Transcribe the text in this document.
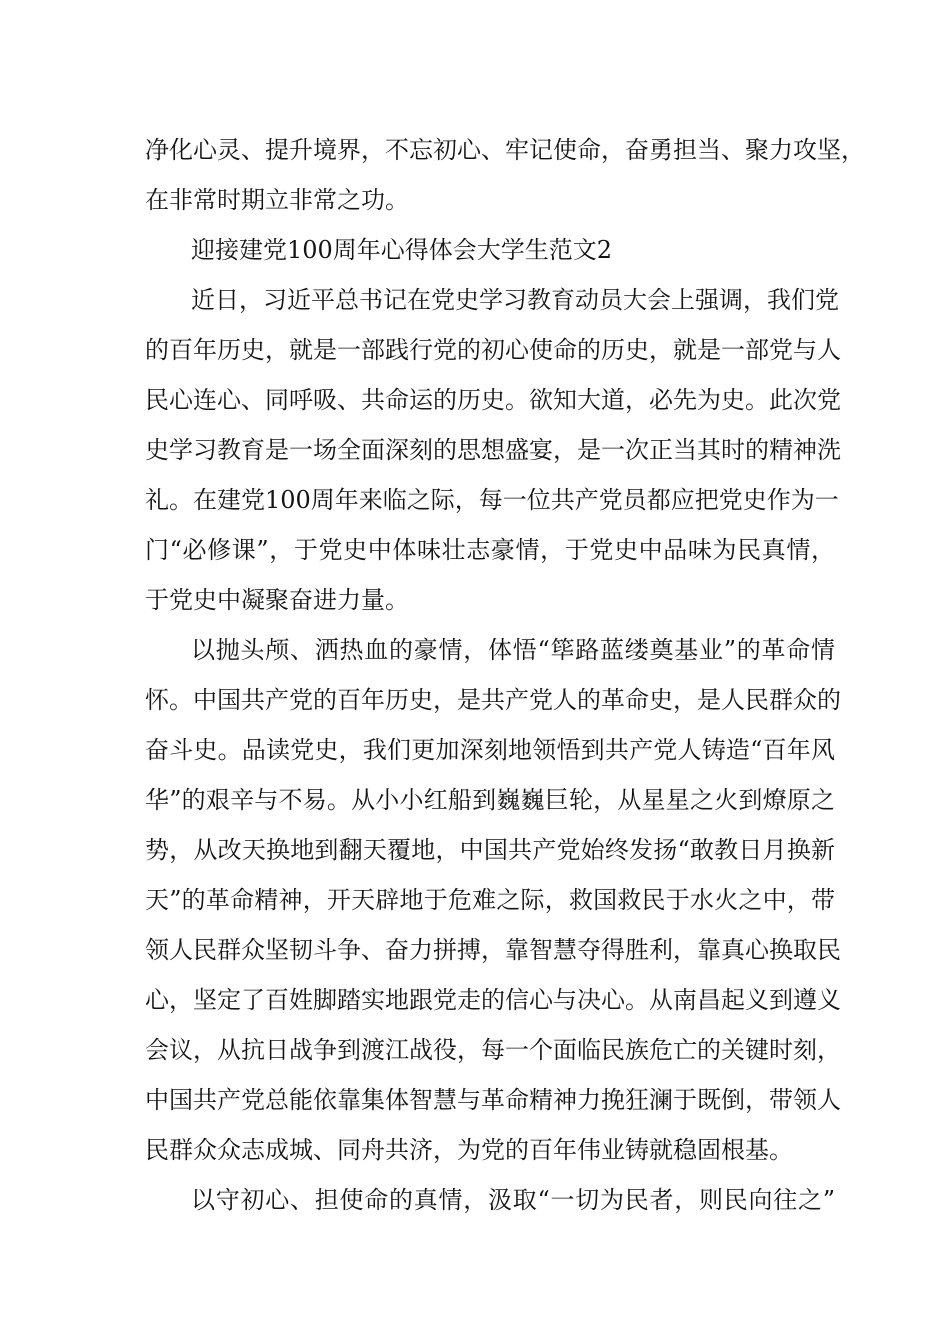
净化心灵、提升境界，不忘初心、牢记使命，奋勇担当、聚力攻坚，
在非常时期立非常之功。
迎接建党100周年心得体会大学生范文2
近日，习近平总书记在党史学习教育动员大会上强调，我们党
的百年历史，就是一部践行党的初心使命的历史，就是一部党与人
民心连心、同呼吸、共命运的历史。欲知大道，必先为史。此次党
史学习教育是一场全面深刻的思想盛宴，是一次正当其时的精神洗
礼。在建党100周年来临之际，每一位共产党员都应把党史作为一
门“必修课”，于党史中体味壮志豪情，于党史中品味为民真情，
于党史中凝聚奋进力量。
以抛头颅、洒热血的豪情，体悟“筚路蓝缕奠基业”的革命情
怀。中国共产党的百年历史，是共产党人的革命史，是人民群众的
奋斗史。品读党史，我们更加深刻地领悟到共产党人铸造“百年风
华”的艰辛与不易。从小小红船到巍巍巨轮，从星星之火到燎原之
势，从改天换地到翻天覆地，中国共产党始终发扬“敢教日月换新
天”的革命精神，开天辟地于危难之际，救国救民于水火之中，带
领人民群众坚韧斗争、奋力拼搏，靠智慧夺得胜利，靠真心换取民
心，坚定了百姓脚踏实地跟党走的信心与决心。从南昌起义到遵义
会议，从抗日战争到渡江战役，每一个面临民族危亡的关键时刻，
中国共产党总能依靠集体智慧与革命精神力挽狂澜于既倒，带领人
民群众众志成城、同舟共济，为党的百年伟业铸就稳固根基。
以守初心、担使命的真情，汲取“一切为民者，则民向往之”
